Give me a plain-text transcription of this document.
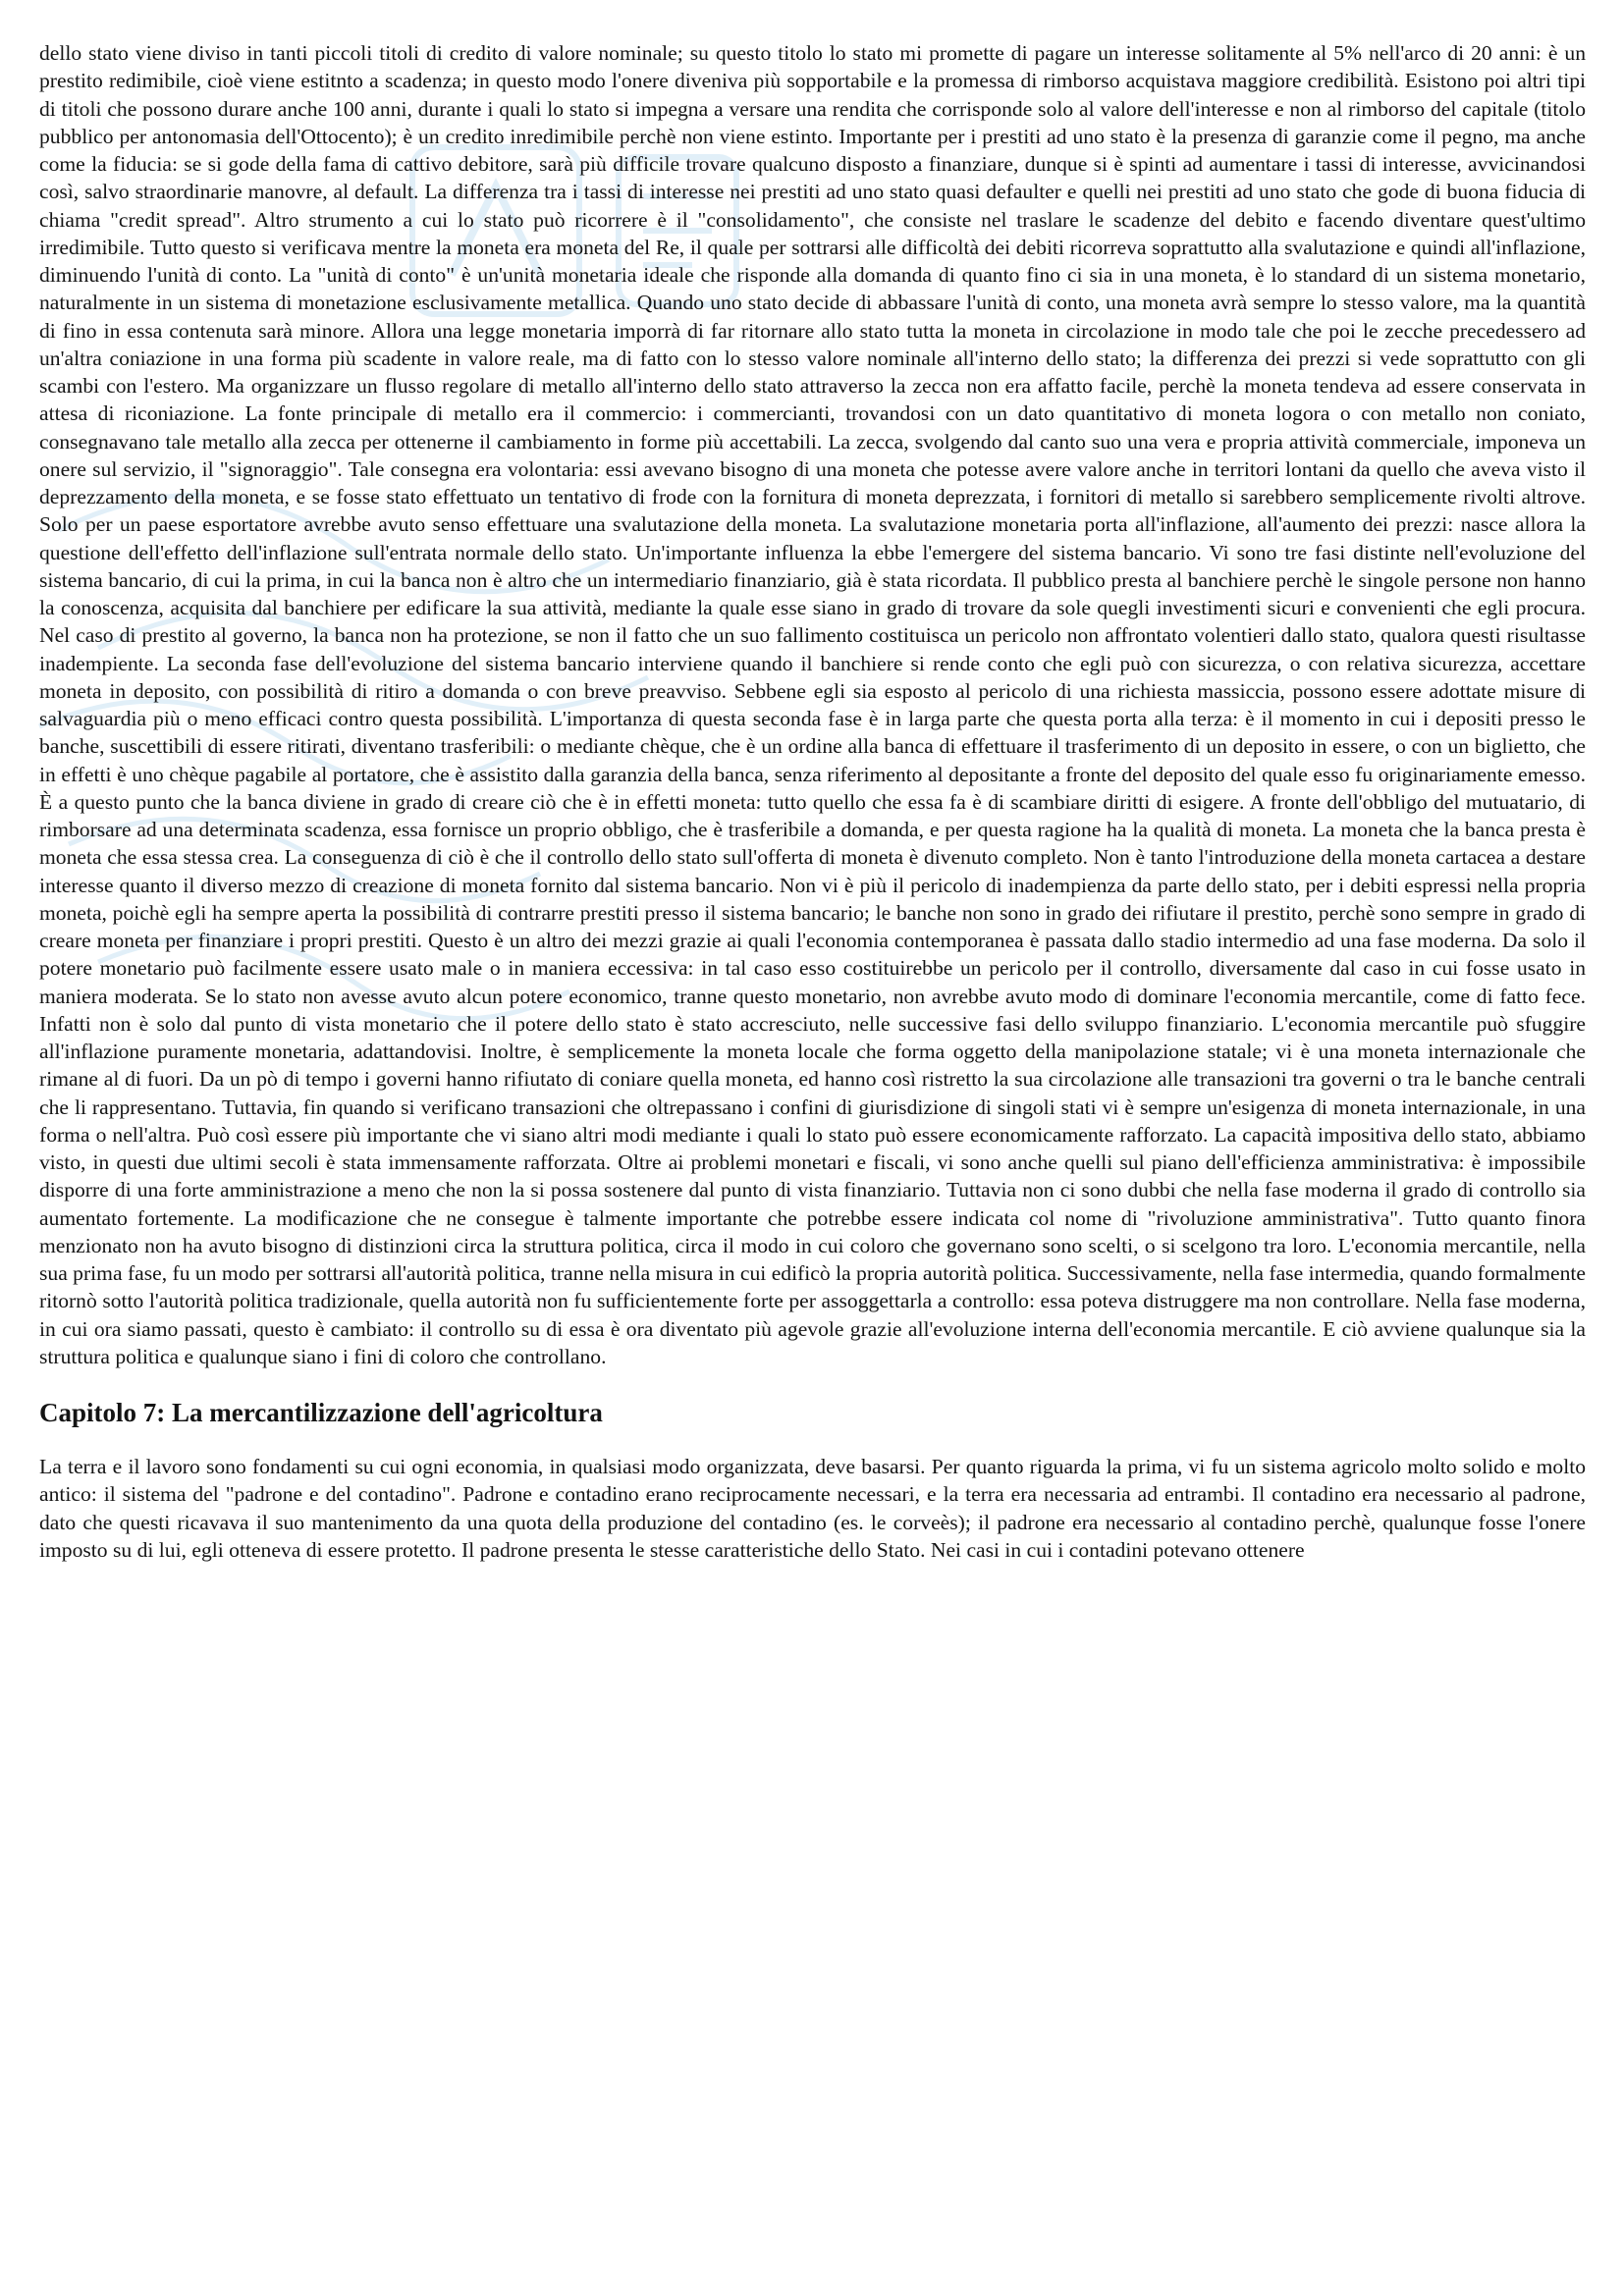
dello stato viene diviso in tanti piccoli titoli di credito di valore nominale; su questo titolo lo stato mi promette di pagare un interesse solitamente al 5% nell'arco di 20 anni: è un prestito redimibile, cioè viene estitnto a scadenza; in questo modo l'onere diveniva più sopportabile e la promessa di rimborso acquistava maggiore credibilità. Esistono poi altri tipi di titoli che possono durare anche 100 anni, durante i quali lo stato si impegna a versare una rendita che corrisponde solo al valore dell'interesse e non al rimborso del capitale (titolo pubblico per antonomasia dell'Ottocento); è un credito inredimibile perchè non viene estinto. Importante per i prestiti ad uno stato è la presenza di garanzie come il pegno, ma anche come la fiducia: se si gode della fama di cattivo debitore, sarà più difficile trovare qualcuno disposto a finanziare, dunque si è spinti ad aumentare i tassi di interesse, avvicinandosi così, salvo straordinarie manovre, al default. La differenza tra i tassi di interesse nei prestiti ad uno stato quasi defaulter e quelli nei prestiti ad uno stato che gode di buona fiducia di chiama "credit spread". Altro strumento a cui lo stato può ricorrere è il "consolidamento", che consiste nel traslare le scadenze del debito e facendo diventare quest'ultimo irredimibile. Tutto questo si verificava mentre la moneta era moneta del Re, il quale per sottrarsi alle difficoltà dei debiti ricorreva soprattutto alla svalutazione e quindi all'inflazione, diminuendo l'unità di conto. La "unità di conto" è un'unità monetaria ideale che risponde alla domanda di quanto fino ci sia in una moneta, è lo standard di un sistema monetario, naturalmente in un sistema di monetazione esclusivamente metallica. Quando uno stato decide di abbassare l'unità di conto, una moneta avrà sempre lo stesso valore, ma la quantità di fino in essa contenuta sarà minore. Allora una legge monetaria imporrà di far ritornare allo stato tutta la moneta in circolazione in modo tale che poi le zecche precedessero ad un'altra coniazione in una forma più scadente in valore reale, ma di fatto con lo stesso valore nominale all'interno dello stato; la differenza dei prezzi si vede soprattutto con gli scambi con l'estero. Ma organizzare un flusso regolare di metallo all'interno dello stato attraverso la zecca non era affatto facile, perchè la moneta tendeva ad essere conservata in attesa di riconiazione. La fonte principale di metallo era il commercio: i commercianti, trovandosi con un dato quantitativo di moneta logora o con metallo non coniato, consegnavano tale metallo alla zecca per ottenerne il cambiamento in forme più accettabili. La zecca, svolgendo dal canto suo una vera e propria attività commerciale, imponeva un onere sul servizio, il "signoraggio". Tale consegna era volontaria: essi avevano bisogno di una moneta che potesse avere valore anche in territori lontani da quello che aveva visto il deprezzamento della moneta, e se fosse stato effettuato un tentativo di frode con la fornitura di moneta deprezzata, i fornitori di metallo si sarebbero semplicemente rivolti altrove. Solo per un paese esportatore avrebbe avuto senso effettuare una svalutazione della moneta. La svalutazione monetaria porta all'inflazione, all'aumento dei prezzi: nasce allora la questione dell'effetto dell'inflazione sull'entrata normale dello stato. Un'importante influenza la ebbe l'emergere del sistema bancario. Vi sono tre fasi distinte nell'evoluzione del sistema bancario, di cui la prima, in cui la banca non è altro che un intermediario finanziario, già è stata ricordata. Il pubblico presta al banchiere perchè le singole persone non hanno la conoscenza, acquisita dal banchiere per edificare la sua attività, mediante la quale esse siano in grado di trovare da sole quegli investimenti sicuri e convenienti che egli procura. Nel caso di prestito al governo, la banca non ha protezione, se non il fatto che un suo fallimento costituisca un pericolo non affrontato volentieri dallo stato, qualora questi risultasse inadempiente. La seconda fase dell'evoluzione del sistema bancario interviene quando il banchiere si rende conto che egli può con sicurezza, o con relativa sicurezza, accettare moneta in deposito, con possibilità di ritiro a domanda o con breve preavviso. Sebbene egli sia esposto al pericolo di una richiesta massiccia, possono essere adottate misure di salvaguardia più o meno efficaci contro questa possibilità. L'importanza di questa seconda fase è in larga parte che questa porta alla terza: è il momento in cui i depositi presso le banche, suscettibili di essere ritirati, diventano trasferibili: o mediante chèque, che è un ordine alla banca di effettuare il trasferimento di un deposito in essere, o con un biglietto, che in effetti è uno chèque pagabile al portatore, che è assistito dalla garanzia della banca, senza riferimento al depositante a fronte del deposito del quale esso fu originariamente emesso. È a questo punto che la banca diviene in grado di creare ciò che è in effetti moneta: tutto quello che essa fa è di scambiare diritti di esigere. A fronte dell'obbligo del mutuatario, di rimborsare ad una determinata scadenza, essa fornisce un proprio obbligo, che è trasferibile a domanda, e per questa ragione ha la qualità di moneta. La moneta che la banca presta è moneta che essa stessa crea. La conseguenza di ciò è che il controllo dello stato sull'offerta di moneta è divenuto completo. Non è tanto l'introduzione della moneta cartacea a destare interesse quanto il diverso mezzo di creazione di moneta fornito dal sistema bancario. Non vi è più il pericolo di inadempienza da parte dello stato, per i debiti espressi nella propria moneta, poichè egli ha sempre aperta la possibilità di contrarre prestiti presso il sistema bancario; le banche non sono in grado dei rifiutare il prestito, perchè sono sempre in grado di creare moneta per finanziare i propri prestiti. Questo è un altro dei mezzi grazie ai quali l'economia contemporanea è passata dallo stadio intermedio ad una fase moderna. Da solo il potere monetario può facilmente essere usato male o in maniera eccessiva: in tal caso esso costituirebbe un pericolo per il controllo, diversamente dal caso in cui fosse usato in maniera moderata. Se lo stato non avesse avuto alcun potere economico, tranne questo monetario, non avrebbe avuto modo di dominare l'economia mercantile, come di fatto fece. Infatti non è solo dal punto di vista monetario che il potere dello stato è stato accresciuto, nelle successive fasi dello sviluppo finanziario. L'economia mercantile può sfuggire all'inflazione puramente monetaria, adattandovisi. Inoltre, è semplicemente la moneta locale che forma oggetto della manipolazione statale; vi è una moneta internazionale che rimane al di fuori. Da un pò di tempo i governi hanno rifiutato di coniare quella moneta, ed hanno così ristretto la sua circolazione alle transazioni tra governi o tra le banche centrali che li rappresentano. Tuttavia, fin quando si verificano transazioni che oltrepassano i confini di giurisdizione di singoli stati vi è sempre un'esigenza di moneta internazionale, in una forma o nell'altra. Può così essere più importante che vi siano altri modi mediante i quali lo stato può essere economicamente rafforzato. La capacità impositiva dello stato, abbiamo visto, in questi due ultimi secoli è stata immensamente rafforzata. Oltre ai problemi monetari e fiscali, vi sono anche quelli sul piano dell'efficienza amministrativa: è impossibile disporre di una forte amministrazione a meno che non la si possa sostenere dal punto di vista finanziario. Tuttavia non ci sono dubbi che nella fase moderna il grado di controllo sia aumentato fortemente. La modificazione che ne consegue è talmente importante che potrebbe essere indicata col nome di "rivoluzione amministrativa". Tutto quanto finora menzionato non ha avuto bisogno di distinzioni circa la struttura politica, circa il modo in cui coloro che governano sono scelti, o si scelgono tra loro. L'economia mercantile, nella sua prima fase, fu un modo per sottrarsi all'autorità politica, tranne nella misura in cui edificò la propria autorità politica. Successivamente, nella fase intermedia, quando formalmente ritornò sotto l'autorità politica tradizionale, quella autorità non fu sufficientemente forte per assoggettarla a controllo: essa poteva distruggere ma non controllare. Nella fase moderna, in cui ora siamo passati, questo è cambiato: il controllo su di essa è ora diventato più agevole grazie all'evoluzione interna dell'economia mercantile. E ciò avviene qualunque sia la struttura politica e qualunque siano i fini di coloro che controllano.

Capitolo 7: La mercantilizzazione dell'agricoltura

La terra e il lavoro sono fondamenti su cui ogni economia, in qualsiasi modo organizzata, deve basarsi. Per quanto riguarda la prima, vi fu un sistema agricolo molto solido e molto antico: il sistema del "padrone e del contadino". Padrone e contadino erano reciprocamente necessari, e la terra era necessaria ad entrambi. Il contadino era necessario al padrone, dato che questi ricavava il suo mantenimento da una quota della produzione del contadino (es. le corveès); il padrone era necessario al contadino perchè, qualunque fosse l'onere imposto su di lui, egli otteneva di essere protetto. Il padrone presenta le stesse caratteristiche dello Stato. Nei casi in cui i contadini potevano ottenere
